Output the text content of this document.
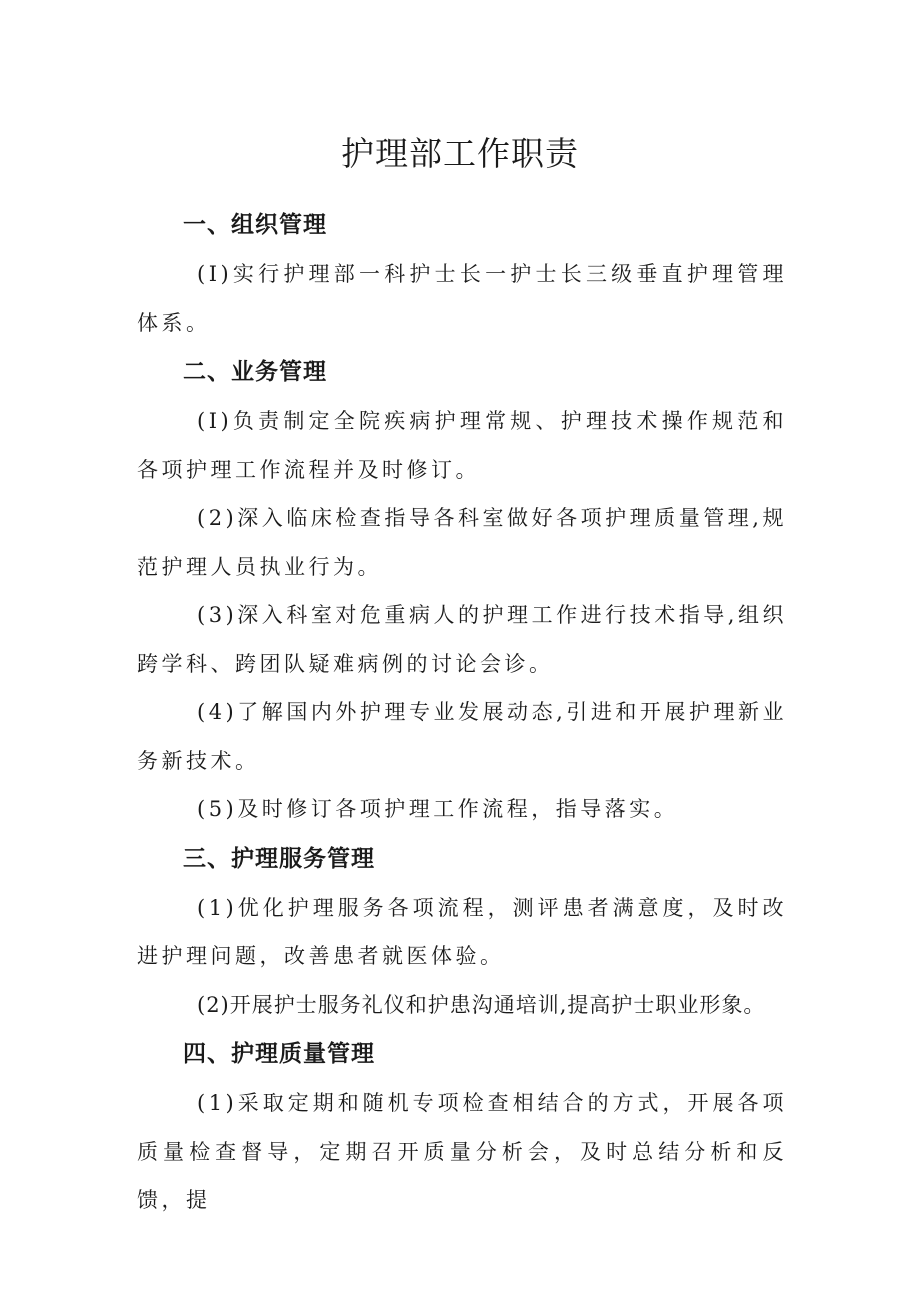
护理部工作职责
一、组织管理

(I)实行护理部一科护士长一护士长三级垂直护理管理体系。

二、业务管理

(I)负责制定全院疾病护理常规、护理技术操作规范和各项护理工作流程并及时修订。

(2)深入临床检查指导各科室做好各项护理质量管理,规范护理人员执业行为。

(3)深入科室对危重病人的护理工作进行技术指导,组织跨学科、跨团队疑难病例的讨论会诊。

(4)了解国内外护理专业发展动态,引进和开展护理新业务新技术。

(5)及时修订各项护理工作流程，指导落实。

三、护理服务管理

(1)优化护理服务各项流程，测评患者满意度，及时改进护理问题，改善患者就医体验。

(2)开展护士服务礼仪和护患沟通培训,提高护士职业形象。

四、护理质量管理

(1)采取定期和随机专项检查相结合的方式，开展各项质量检查督导，定期召开质量分析会，及时总结分析和反馈，提
